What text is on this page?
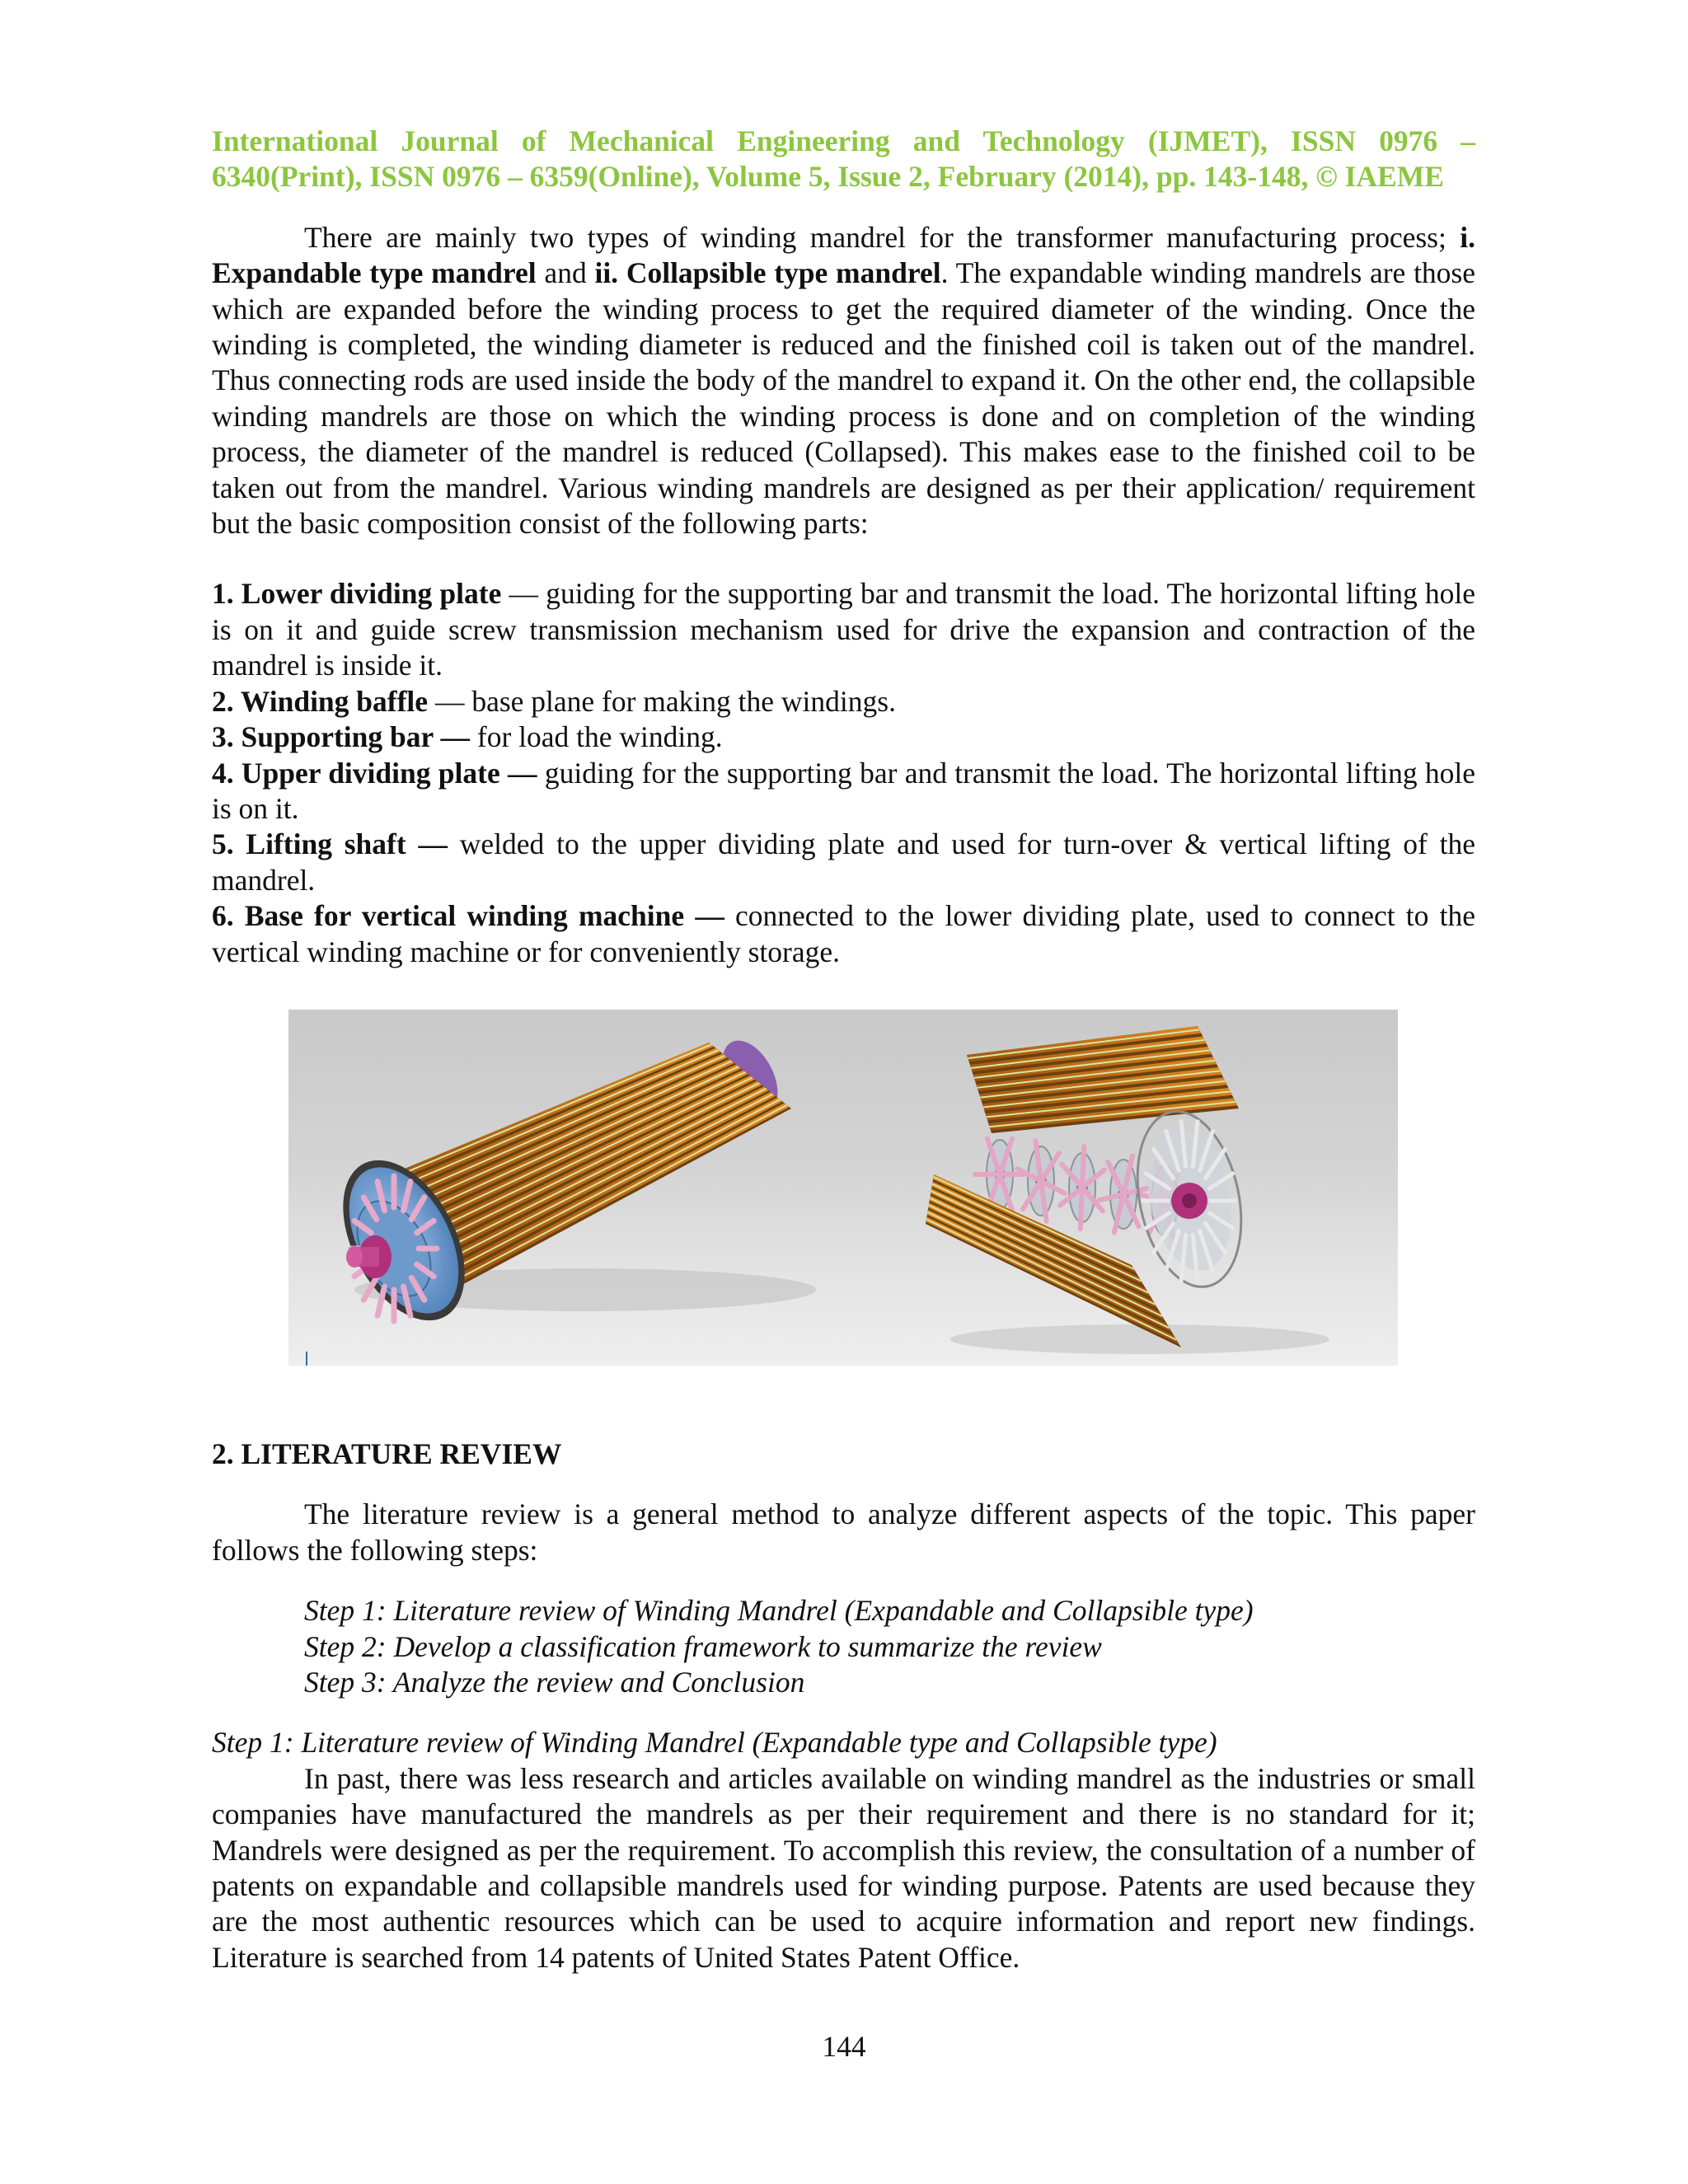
International Journal of Mechanical Engineering and Technology (IJMET), ISSN 0976 –
6340(Print), ISSN 0976 – 6359(Online), Volume 5, Issue 2, February (2014), pp. 143-148, © IAEME

There are mainly two types of winding mandrel for the transformer manufacturing process; i. Expandable type mandrel and ii. Collapsible type mandrel. The expandable winding mandrels are those which are expanded before the winding process to get the required diameter of the winding. Once the winding is completed, the winding diameter is reduced and the finished coil is taken out of the mandrel. Thus connecting rods are used inside the body of the mandrel to expand it. On the other end, the collapsible winding mandrels are those on which the winding process is done and on completion of the winding process, the diameter of the mandrel is reduced (Collapsed). This makes ease to the finished coil to be taken out from the mandrel. Various winding mandrels are designed as per their application/ requirement but the basic composition consist of the following parts:

1. Lower dividing plate — guiding for the supporting bar and transmit the load. The horizontal lifting hole is on it and guide screw transmission mechanism used for drive the expansion and contraction of the mandrel is inside it.

2. Winding baffle — base plane for making the windings.

3. Supporting bar — for load the winding.

4. Upper dividing plate — guiding for the supporting bar and transmit the load. The horizontal lifting hole is on it.

5. Lifting shaft — welded to the upper dividing plate and used for turn-over & vertical lifting of the mandrel.

6. Base for vertical winding machine — connected to the lower dividing plate, used to connect to the vertical winding machine or for conveniently storage.

2. LITERATURE REVIEW

The literature review is a general method to analyze different aspects of the topic. This paper follows the following steps:

Step 1: Literature review of Winding Mandrel (Expandable and Collapsible type)

Step 2: Develop a classification framework to summarize the review

Step 3: Analyze the review and Conclusion

Step 1: Literature review of Winding Mandrel (Expandable type and Collapsible type)

In past, there was less research and articles available on winding mandrel as the industries or small companies have manufactured the mandrels as per their requirement and there is no standard for it; Mandrels were designed as per the requirement. To accomplish this review, the consultation of a number of patents on expandable and collapsible mandrels used for winding purpose. Patents are used because they are the most authentic resources which can be used to acquire information and report new findings. Literature is searched from 14 patents of United States Patent Office.

144
